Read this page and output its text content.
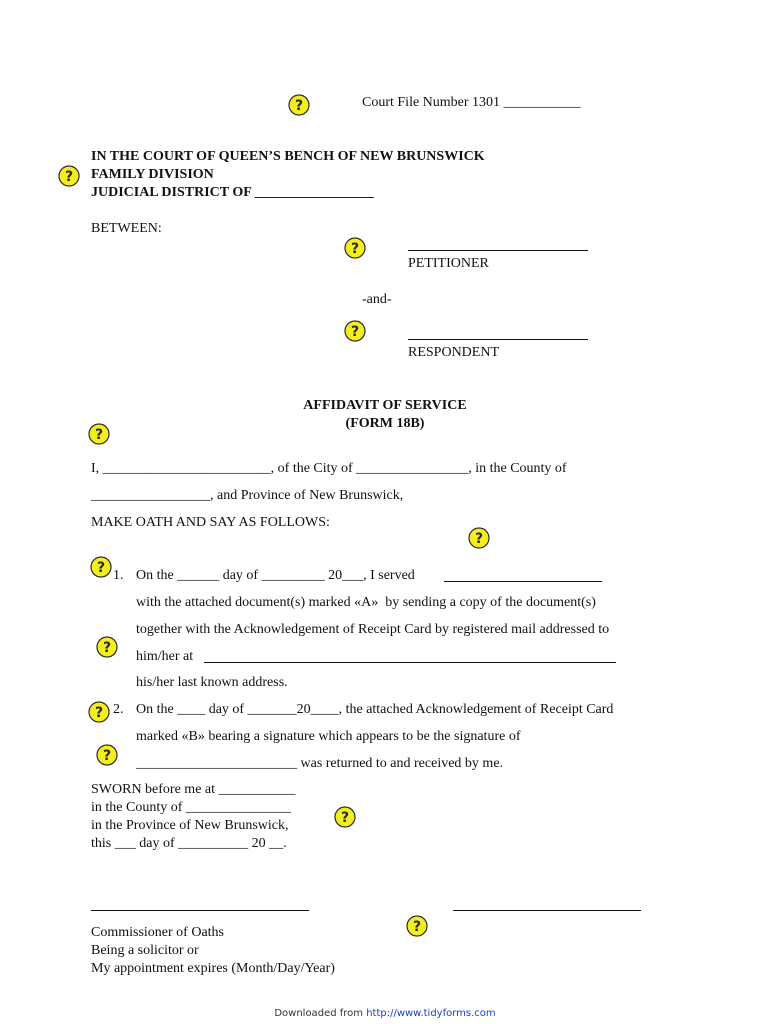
?	Court File Number 1301 ___________
?
IN THE COURT OF QUEEN’S BENCH OF NEW BRUNSWICK
FAMILY DIVISION
JUDICIAL DISTRICT OF _________________
BETWEEN:
?
PETITIONER
-and-
?
RESPONDENT
AFFIDAVIT OF SERVICE
(FORM 18B)
?
I, ________________________, of the City of ________________, in the County of
_________________, and Province of New Brunswick,
MAKE OATH AND SAY AS FOLLOWS:
?
? 1. On the ______ day of _________ 20___, I served
with the attached document(s) marked «A»  by sending a copy of the document(s)
together with the Acknowledgement of Receipt Card by registered mail addressed to
?
him/her at
his/her last known address.
? 2. On the ____ day of _______20____, the attached Acknowledgement of Receipt Card
marked «B» bearing a signature which appears to be the signature of
? _______________________ was returned to and received by me.
SWORN before me at ___________
in the County of _______________
in the Province of New Brunswick,
this ___ day of __________ 20 __.
?
?
Commissioner of Oaths
Being a solicitor or
My appointment expires (Month/Day/Year)
Downloaded from http://www.tidyforms.com
